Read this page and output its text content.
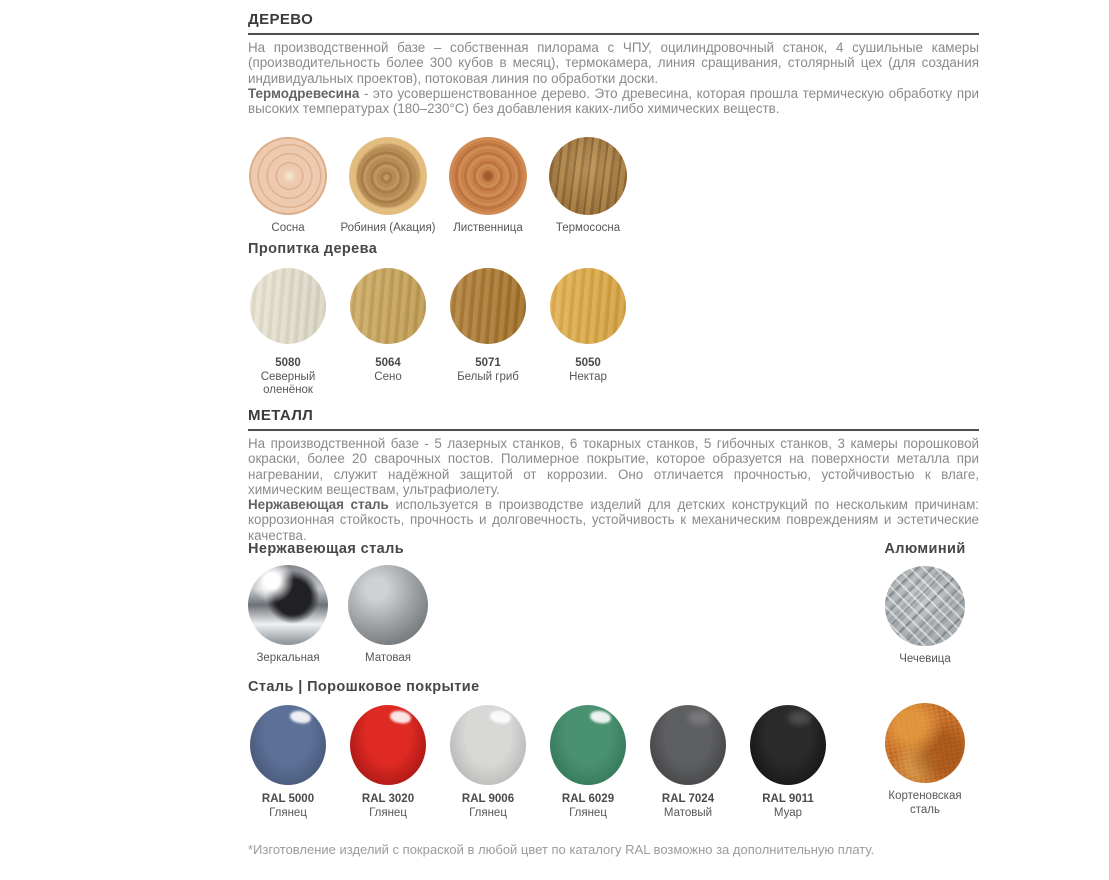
ДЕРЕВО

На производственной базе – собственная пилорама с ЧПУ, оцилиндровочный станок, 4 сушильные камеры (производительность более 300 кубов в месяц), термокамера, линия сращивания, столярный цех (для создания индивидуальных проектов), потоковая линия по обработки доски.

Термодревесина - это усовершенствованное дерево. Это древесина, которая прошла термическую обработку при высоких температурах (180–230°С) без добавления каких-либо химических веществ.

Сосна	Робиния (Акация) Лиственница	Термососна
Пропитка дерева
5080
Северный оленёнок
5064
Сено
5071
Белый гриб
5050
Нектар
МЕТАЛЛ

На производственной базе - 5 лазерных станков, 6 токарных станков, 5 гибочных станков, 3 камеры порошковой окраски, более 20 сварочных постов. Полимерное покрытие, которое образуется на поверхности металла при нагревании, служит надёжной защитой от коррозии. Оно отличается прочностью, устойчивостью к влаге, химическим веществам, ультрафиолету.

Нержавеющая сталь используется в производстве изделий для детских конструкций по нескольким причинам: коррозионная стойкость, прочность и долговечность, устойчивость к механическим повреждениям и эстетические качества.

Нержавеющая сталь
Зеркальная	Матовая
Алюминий
Чечевица
Сталь | Порошковое покрытие
RAL 5000
Глянец
RAL 3020
Глянец
RAL 9006
Глянец
RAL 6029
Глянец
RAL 7024
Матовый
RAL 9011
Муар
Кортеновская сталь
*Изготовление изделий с покраской в любой цвет по каталогу RAL возможно за дополнительную плату.
